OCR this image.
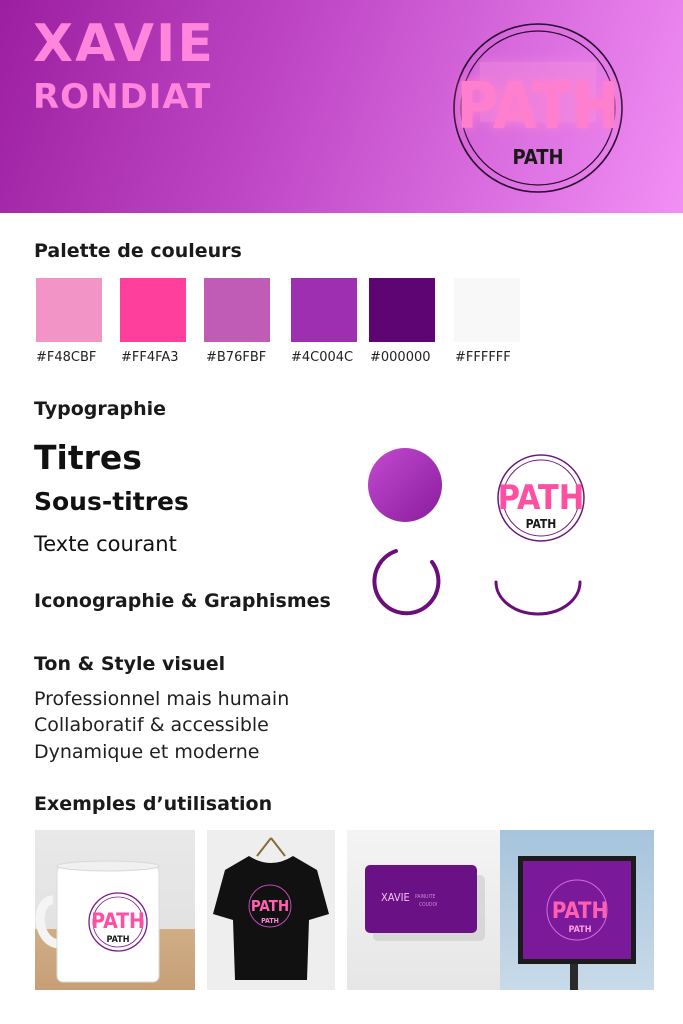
XAVIE
RONDIAT	PATH
PATH
Palette de couleurs
#F48CBF #FF4FA3 #B76FBF #4C004C #000000 #FFFFFF
Typographie
Titres
Sous-titres
Texte courant
Iconographie & Graphismes
PATH
PATH
Ton & Style visuel
Professionnel mais humain
Collaboratif & accessible
Dynamique et moderne
Exemples d’utilisation
PATH
PATH
PATH
PATH
XAVIE PAINUITE
COUDOI	PATH
PATH
